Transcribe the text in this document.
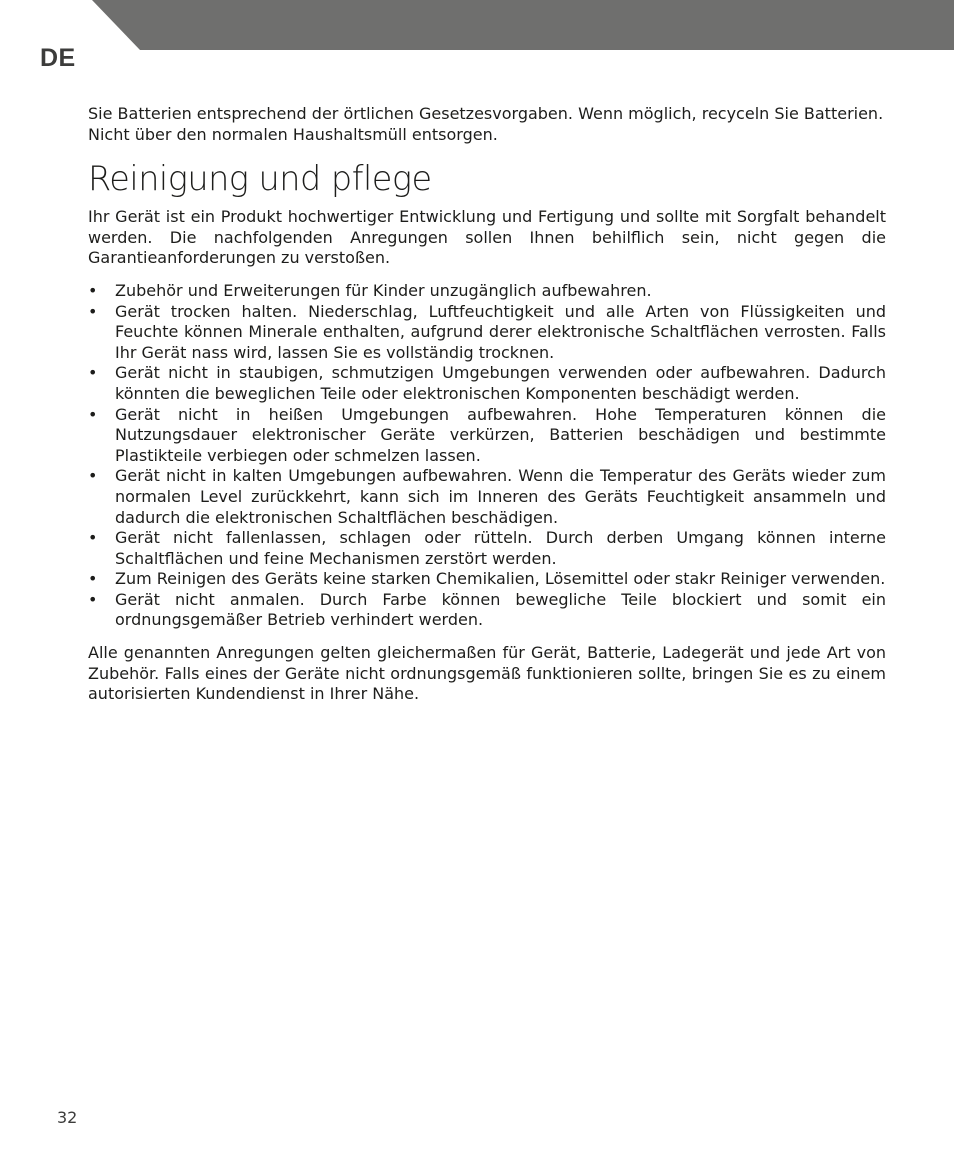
DE

Sie Batterien entsprechend der örtlichen Gesetzesvorgaben. Wenn möglich, recyceln Sie Batterien.

Nicht über den normalen Haushaltsmüll entsorgen.

Reinigung und pflege

Ihr Gerät ist ein Produkt hochwertiger Entwicklung und Fertigung und sollte mit Sorgfalt behandelt werden. Die nachfolgenden Anregungen sollen Ihnen behilflich sein, nicht gegen die Garantieanforderungen zu verstoßen.

• Zubehör und Erweiterungen für Kinder unzugänglich aufbewahren.
• Gerät trocken halten. Niederschlag, Luftfeuchtigkeit und alle Arten von Flüssigkeiten und Feuchte können Minerale enthalten, aufgrund derer elektronische Schaltflächen verrosten. Falls Ihr Gerät nass wird, lassen Sie es vollständig trocknen.
• Gerät nicht in staubigen, schmutzigen Umgebungen verwenden oder aufbewahren. Dadurch könnten die beweglichen Teile oder elektronischen Komponenten beschädigt werden.
• Gerät nicht in heißen Umgebungen aufbewahren. Hohe Temperaturen können die Nutzungsdauer elektronischer Geräte verkürzen, Batterien beschädigen und bestimmte Plastikteile verbiegen oder schmelzen lassen.
• Gerät nicht in kalten Umgebungen aufbewahren. Wenn die Temperatur des Geräts wieder zum normalen Level zurückkehrt, kann sich im Inneren des Geräts Feuchtigkeit ansammeln und dadurch die elektronischen Schaltflächen beschädigen.
• Gerät nicht fallenlassen, schlagen oder rütteln. Durch derben Umgang können interne Schaltflächen und feine Mechanismen zerstört werden.
• Zum Reinigen des Geräts keine starken Chemikalien, Lösemittel oder stakr Reiniger verwenden.
• Gerät nicht anmalen. Durch Farbe können bewegliche Teile blockiert und somit ein ordnungsgemäßer Betrieb verhindert werden.

Alle genannten Anregungen gelten gleichermaßen für Gerät, Batterie, Ladegerät und jede Art von Zubehör. Falls eines der Geräte nicht ordnungsgemäß funktionieren sollte, bringen Sie es zu einem autorisierten Kundendienst in Ihrer Nähe.

32
